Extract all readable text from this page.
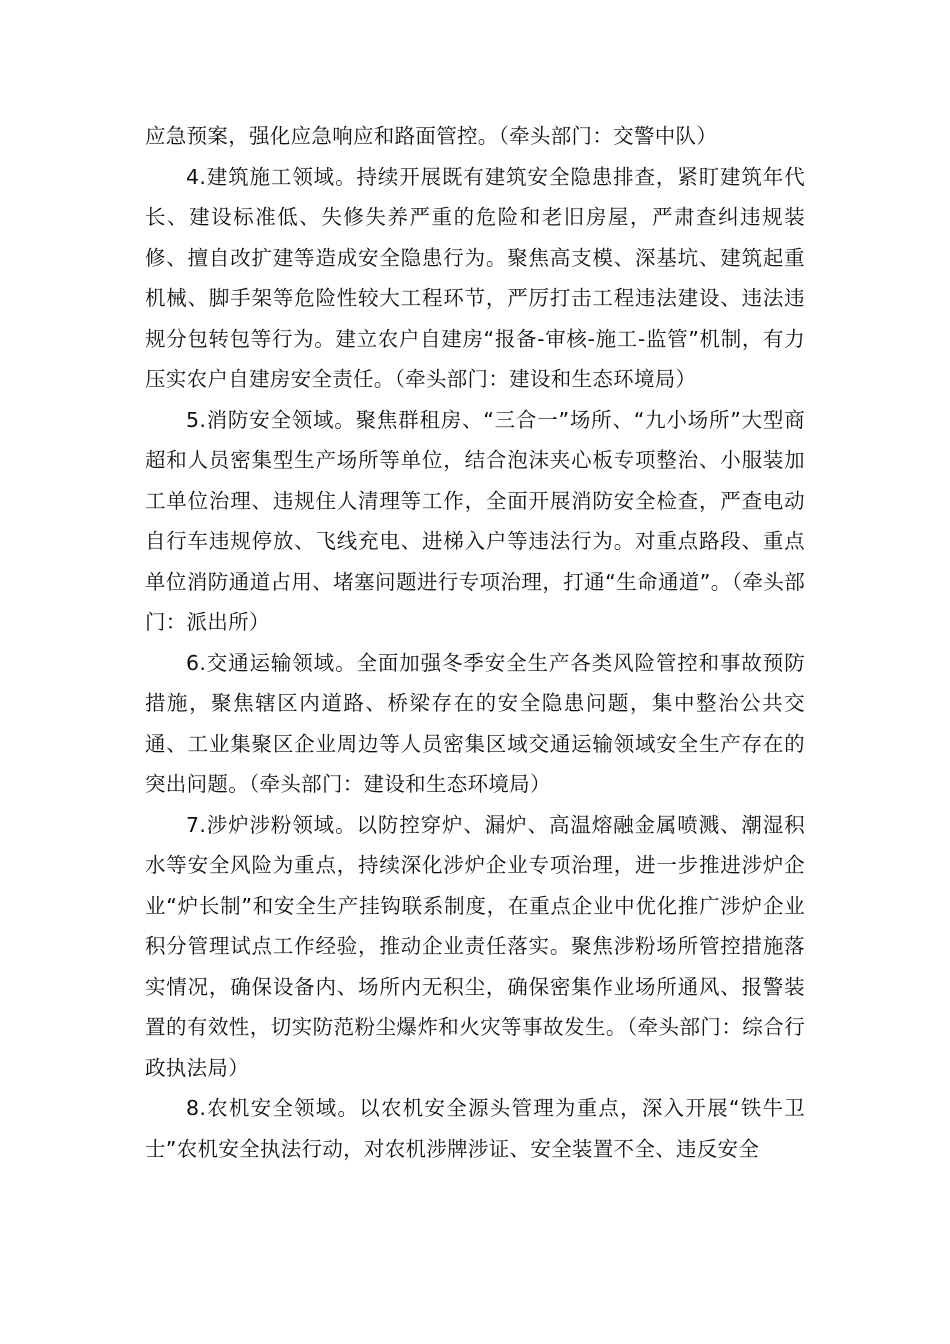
应急预案，强化应急响应和路面管控。（牵头部门：交警中队）

4.建筑施工领域。持续开展既有建筑安全隐患排查，紧盯建筑年代长、建设标准低、失修失养严重的危险和老旧房屋，严肃查纠违规装修、擅自改扩建等造成安全隐患行为。聚焦高支模、深基坑、建筑起重机械、脚手架等危险性较大工程环节，严厉打击工程违法建设、违法违规分包转包等行为。建立农户自建房“报备-审核-施工-监管”机制，有力压实农户自建房安全责任。（牵头部门：建设和生态环境局）

5.消防安全领域。聚焦群租房、“三合一”场所、“九小场所”大型商超和人员密集型生产场所等单位，结合泡沫夹心板专项整治、小服装加工单位治理、违规住人清理等工作，全面开展消防安全检查，严查电动自行车违规停放、飞线充电、进梯入户等违法行为。对重点路段、重点单位消防通道占用、堵塞问题进行专项治理，打通“生命通道”。（牵头部门：派出所）

6.交通运输领域。全面加强冬季安全生产各类风险管控和事故预防措施，聚焦辖区内道路、桥梁存在的安全隐患问题，集中整治公共交通、工业集聚区企业周边等人员密集区域交通运输领域安全生产存在的突出问题。（牵头部门：建设和生态环境局）

7.涉炉涉粉领域。以防控穿炉、漏炉、高温熔融金属喷溅、潮湿积水等安全风险为重点，持续深化涉炉企业专项治理，进一步推进涉炉企业“炉长制”和安全生产挂钩联系制度，在重点企业中优化推广涉炉企业积分管理试点工作经验，推动企业责任落实。聚焦涉粉场所管控措施落实情况，确保设备内、场所内无积尘，确保密集作业场所通风、报警装置的有效性，切实防范粉尘爆炸和火灾等事故发生。（牵头部门：综合行政执法局）

8.农机安全领域。以农机安全源头管理为重点，深入开展“铁牛卫士”农机安全执法行动，对农机涉牌涉证、安全装置不全、违反安全
